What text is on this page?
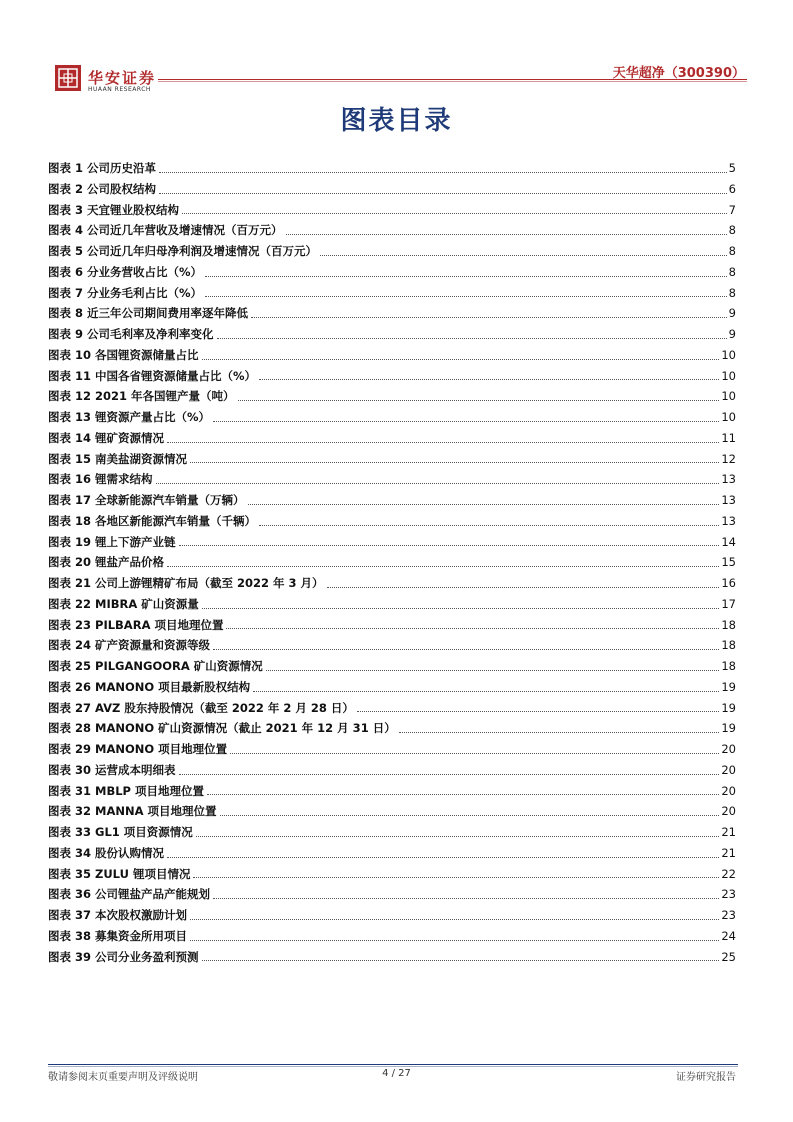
华安证券
HUAAN RESEARCH
天华超净（300390）
图表目录
图表 1 公司历史沿革	5
图表 2 公司股权结构	6
图表 3 天宜锂业股权结构	7
图表 4 公司近几年营收及增速情况（百万元）	8
图表 5 公司近几年归母净利润及增速情况（百万元）	8
图表 6 分业务营收占比（%）	8
图表 7 分业务毛利占比（%）	8
图表 8 近三年公司期间费用率逐年降低	9
图表 9 公司毛利率及净利率变化	9
图表 10 各国锂资源储量占比	10
图表 11 中国各省锂资源储量占比（%）	10
图表 12 2021 年各国锂产量（吨）	10
图表 13 锂资源产量占比（%）	10
图表 14 锂矿资源情况	11
图表 15 南美盐湖资源情况	12
图表 16 锂需求结构	13
图表 17 全球新能源汽车销量（万辆）	13
图表 18 各地区新能源汽车销量（千辆）	13
图表 19 锂上下游产业链	14
图表 20 锂盐产品价格	15
图表 21 公司上游锂精矿布局（截至 2022 年 3 月）	16
图表 22 MIBRA 矿山资源量	17
图表 23 PILBARA 项目地理位置	18
图表 24 矿产资源量和资源等级	18
图表 25 PILGANGOORA 矿山资源情况	18
图表 26 MANONO 项目最新股权结构	19
图表 27 AVZ 股东持股情况（截至 2022 年 2 月 28 日）	19
图表 28 MANONO 矿山资源情况（截止 2021 年 12 月 31 日）	19
图表 29 MANONO 项目地理位置	20
图表 30 运营成本明细表	20
图表 31 MBLP 项目地理位置	20
图表 32 MANNA 项目地理位置	20
图表 33 GL1 项目资源情况	21
图表 34 股份认购情况	21
图表 35 ZULU 锂项目情况	22
图表 36 公司锂盐产品产能规划	23
图表 37 本次股权激励计划	23
图表 38 募集资金所用项目	24
图表 39 公司分业务盈利预测	25
敬请参阅末页重要声明及评级说明	4 / 27	证券研究报告
